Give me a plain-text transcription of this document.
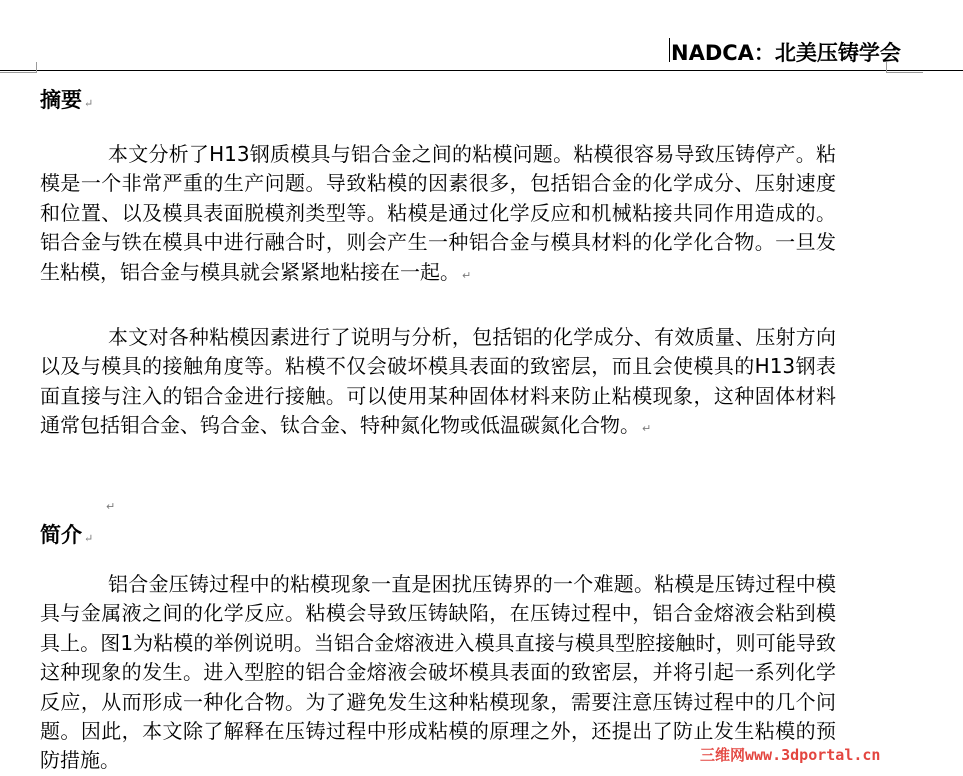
NADCA：北美压铸学会
摘要 ↵
本文分析了H13钢质模具与铝合金之间的粘模问题。粘模很容易导致压铸停产。粘模是一个非常严重的生产问题。导致粘模的因素很多，包括铝合金的化学成分、压射速度和位置、以及模具表面脱模剂类型等。粘模是通过化学反应和机械粘接共同作用造成的。铝合金与铁在模具中进行融合时，则会产生一种铝合金与模具材料的化学化合物。一旦发生粘模，铝合金与模具就会紧紧地粘接在一起。 ↵
本文对各种粘模因素进行了说明与分析，包括铝的化学成分、有效质量、压射方向以及与模具的接触角度等。粘模不仅会破坏模具表面的致密层，而且会使模具的H13钢表面直接与注入的铝合金进行接触。可以使用某种固体材料来防止粘模现象，这种固体材料通常包括钼合金、钨合金、钛合金、特种氮化物或低温碳氮化合物。 ↵
↵
简介 ↵
铝合金压铸过程中的粘模现象一直是困扰压铸界的一个难题。粘模是压铸过程中模具与金属液之间的化学反应。粘模会导致压铸缺陷，在压铸过程中，铝合金熔液会粘到模具上。图1为粘模的举例说明。当铝合金熔液进入模具直接与模具型腔接触时，则可能导致这种现象的发生。进入型腔的铝合金熔液会破坏模具表面的致密层，并将引起一系列化学反应，从而形成一种化合物。为了避免发生这种粘模现象，需要注意压铸过程中的几个问题。因此，本文除了解释在压铸过程中形成粘模的原理之外，还提出了防止发生粘模的预防措施。	三维网www.3dportal.cn
